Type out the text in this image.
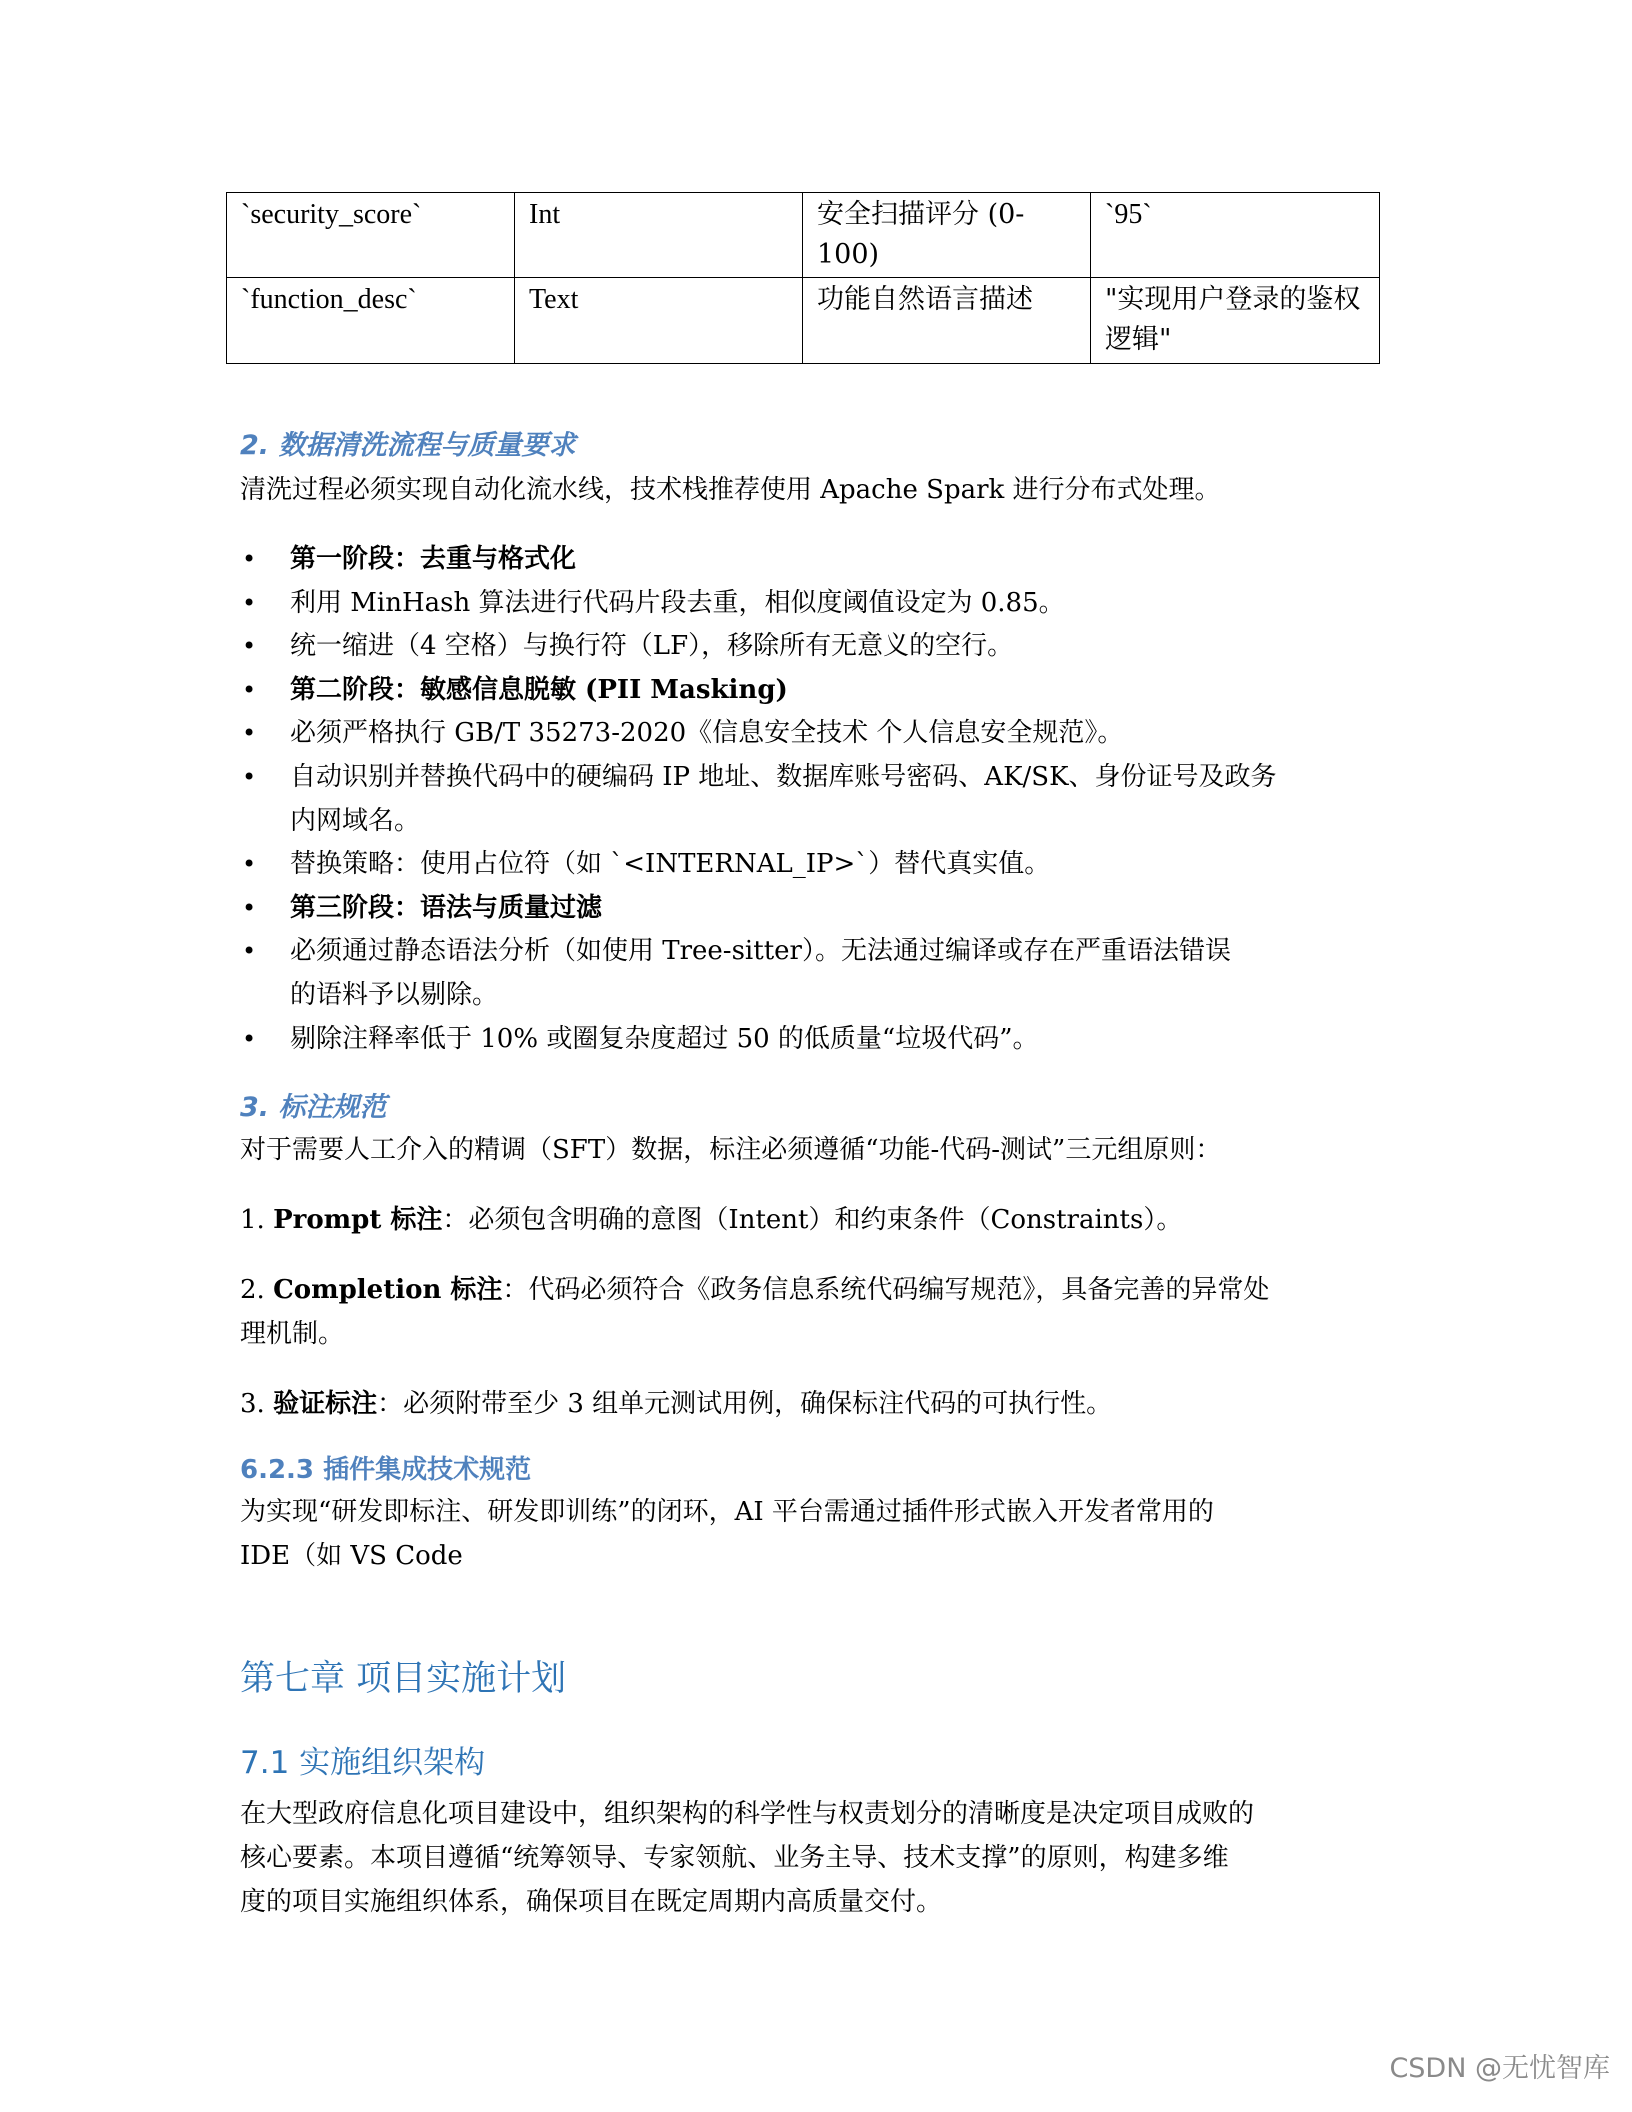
`security_score`	Int	安全扫描评分 (0-100)	`95`
`function_desc`	Text	功能自然语言描述	"实现用户登录的鉴权逻辑"
2. 数据清洗流程与质量要求
清洗过程必须实现自动化流水线，技术栈推荐使用 Apache Spark 进行分布式处理。
• 第一阶段：去重与格式化
• 利用 MinHash 算法进行代码片段去重，相似度阈值设定为 0.85。
• 统一缩进（4 空格）与换行符（LF），移除所有无意义的空行。
• 第二阶段：敏感信息脱敏 (PII Masking)
• 必须严格执行 GB/T 35273-2020《信息安全技术 个人信息安全规范》。
• 自动识别并替换代码中的硬编码 IP 地址、数据库账号密码、AK/SK、身份证号及政务
内网域名。
• 替换策略：使用占位符（如 `<INTERNAL_IP>`）替代真实值。
• 第三阶段：语法与质量过滤
• 必须通过静态语法分析（如使用 Tree-sitter）。无法通过编译或存在严重语法错误
的语料予以剔除。
• 剔除注释率低于 10% 或圈复杂度超过 50 的低质量“垃圾代码”。
3. 标注规范
对于需要人工介入的精调（SFT）数据，标注必须遵循“功能-代码-测试”三元组原则：
1. Prompt 标注：必须包含明确的意图（Intent）和约束条件（Constraints）。
2. Completion 标注：代码必须符合《政务信息系统代码编写规范》，具备完善的异常处
理机制。
3. 验证标注：必须附带至少 3 组单元测试用例，确保标注代码的可执行性。
6.2.3 插件集成技术规范
为实现“研发即标注、研发即训练”的闭环，AI 平台需通过插件形式嵌入开发者常用的
IDE（如 VS Code
第七章 项目实施计划
7.1 实施组织架构
在大型政府信息化项目建设中，组织架构的科学性与权责划分的清晰度是决定项目成败的
核心要素。本项目遵循“统筹领导、专家领航、业务主导、技术支撑”的原则，构建多维
度的项目实施组织体系，确保项目在既定周期内高质量交付。
CSDN @无忧智库
